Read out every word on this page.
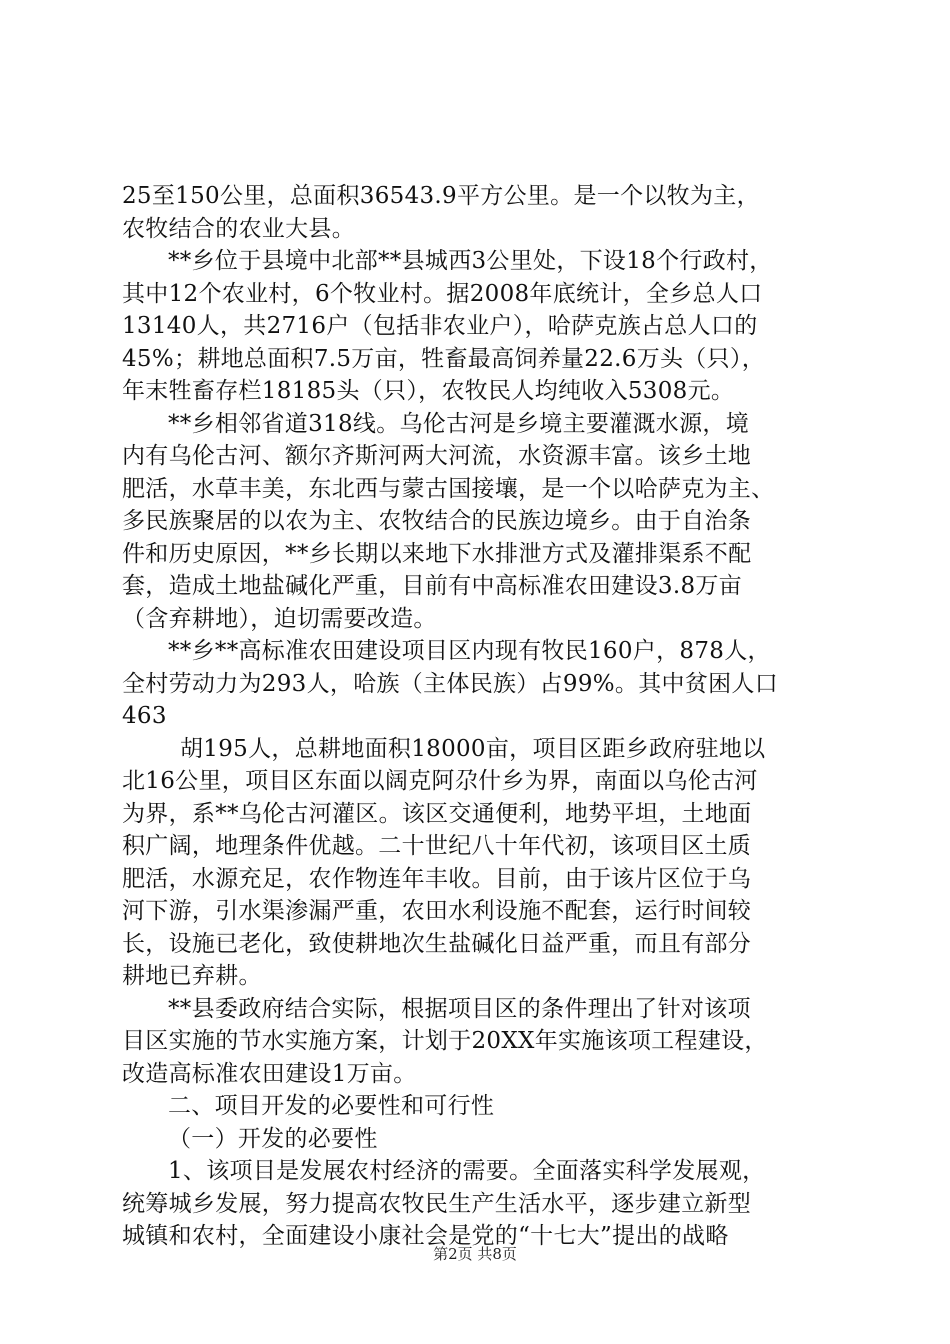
25至150公里，总面积36543.9平方公里。是一个以牧为主，
农牧结合的农业大县。
**乡位于县境中北部**县城西3公里处，下设18个行政村，
其中12个农业村，6个牧业村。据2008年底统计，全乡总人口
13140人，共2716户（包括非农业户），哈萨克族占总人口的
45%；耕地总面积7.5万亩，牲畜最高饲养量22.6万头（只），
年末牲畜存栏18185头（只），农牧民人均纯收入5308元。
**乡相邻省道318线。乌伦古河是乡境主要灌溉水源，境
内有乌伦古河、额尔齐斯河两大河流，水资源丰富。该乡土地
肥活，水草丰美，东北西与蒙古国接壤，是一个以哈萨克为主、
多民族聚居的以农为主、农牧结合的民族边境乡。由于自治条
件和历史原因，**乡长期以来地下水排泄方式及灌排渠系不配
套，造成土地盐碱化严重，目前有中高标准农田建设3.8万亩
（含弃耕地），迫切需要改造。
**乡**高标准农田建设项目区内现有牧民160户，878人，
全村劳动力为293人，哈族（主体民族）占99%。其中贫困人口
463
胡195人，总耕地面积18000亩，项目区距乡政府驻地以
北16公里，项目区东面以阔克阿尕什乡为界，南面以乌伦古河
为界，系**乌伦古河灌区。该区交通便利，地势平坦，土地面
积广阔，地理条件优越。二十世纪八十年代初，该项目区土质
肥活，水源充足，农作物连年丰收。目前，由于该片区位于乌
河下游，引水渠渗漏严重，农田水利设施不配套，运行时间较
长，设施已老化，致使耕地次生盐碱化日益严重，而且有部分
耕地已弃耕。
**县委政府结合实际，根据项目区的条件理出了针对该项
目区实施的节水实施方案，计划于20XX年实施该项工程建设，
改造高标准农田建设1万亩。
二、项目开发的必要性和可行性
（一）开发的必要性
1、该项目是发展农村经济的需要。全面落实科学发展观，
统筹城乡发展，努力提高农牧民生产生活水平，逐步建立新型
城镇和农村，全面建设小康社会是党的“十七大”提出的战略
第2页 共8页
